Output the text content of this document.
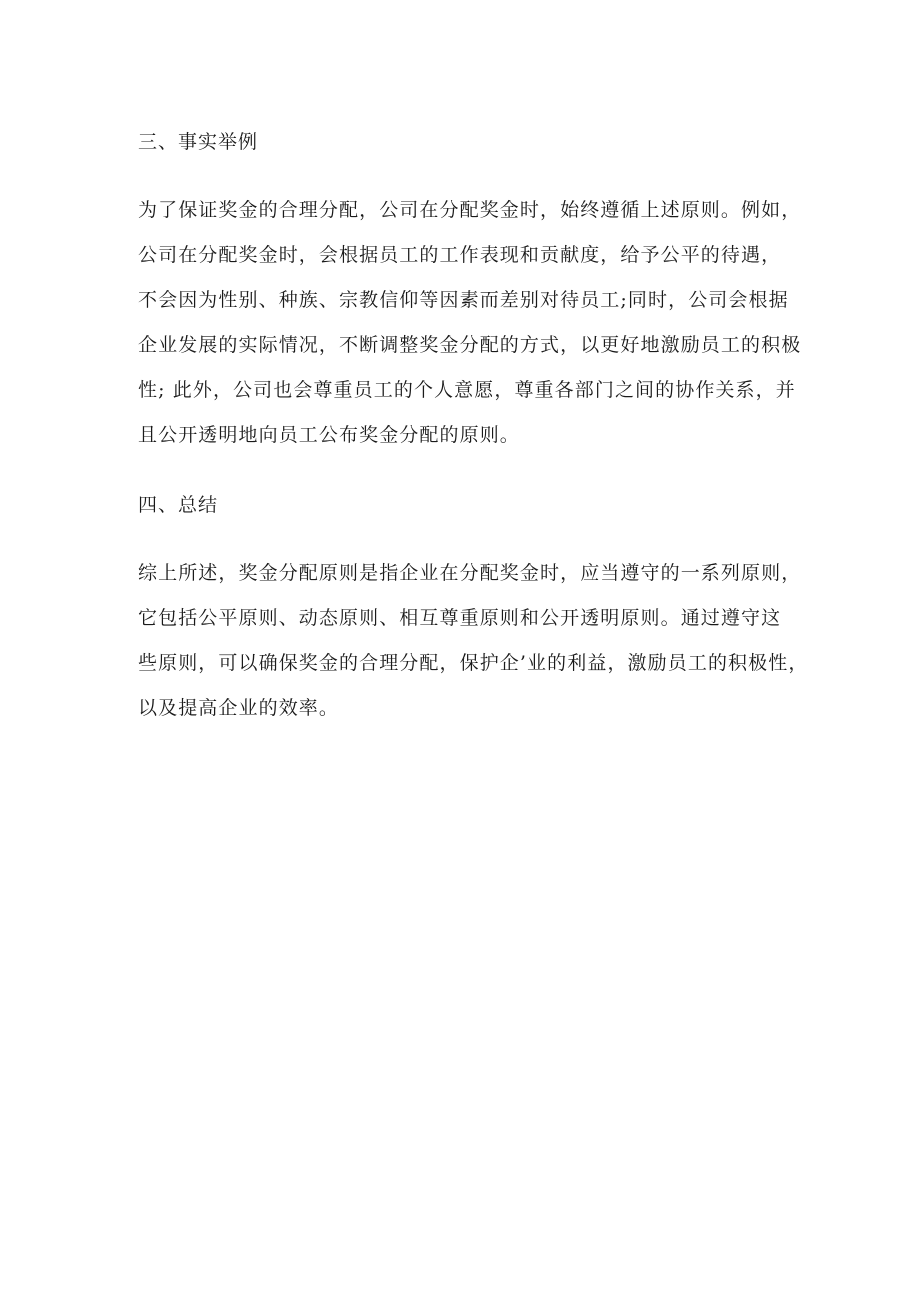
三、事实举例

为了保证奖金的合理分配，公司在分配奖金时，始终遵循上述原则。例如，
公司在分配奖金时，会根据员工的工作表现和贡献度，给予公平的待遇，
不会因为性别、种族、宗教信仰等因素而差别对待员工;同时，公司会根据
企业发展的实际情况，不断调整奖金分配的方式，以更好地激励员工的积极
性; 此外，公司也会尊重员工的个人意愿，尊重各部门之间的协作关系，并
且公开透明地向员工公布奖金分配的原则。

四、总结

综上所述，奖金分配原则是指企业在分配奖金时，应当遵守的一系列原则，
它包括公平原则、动态原则、相互尊重原则和公开透明原则。通过遵守这
些原则，可以确保奖金的合理分配，保护企’业的利益，激励员工的积极性，
以及提高企业的效率。
